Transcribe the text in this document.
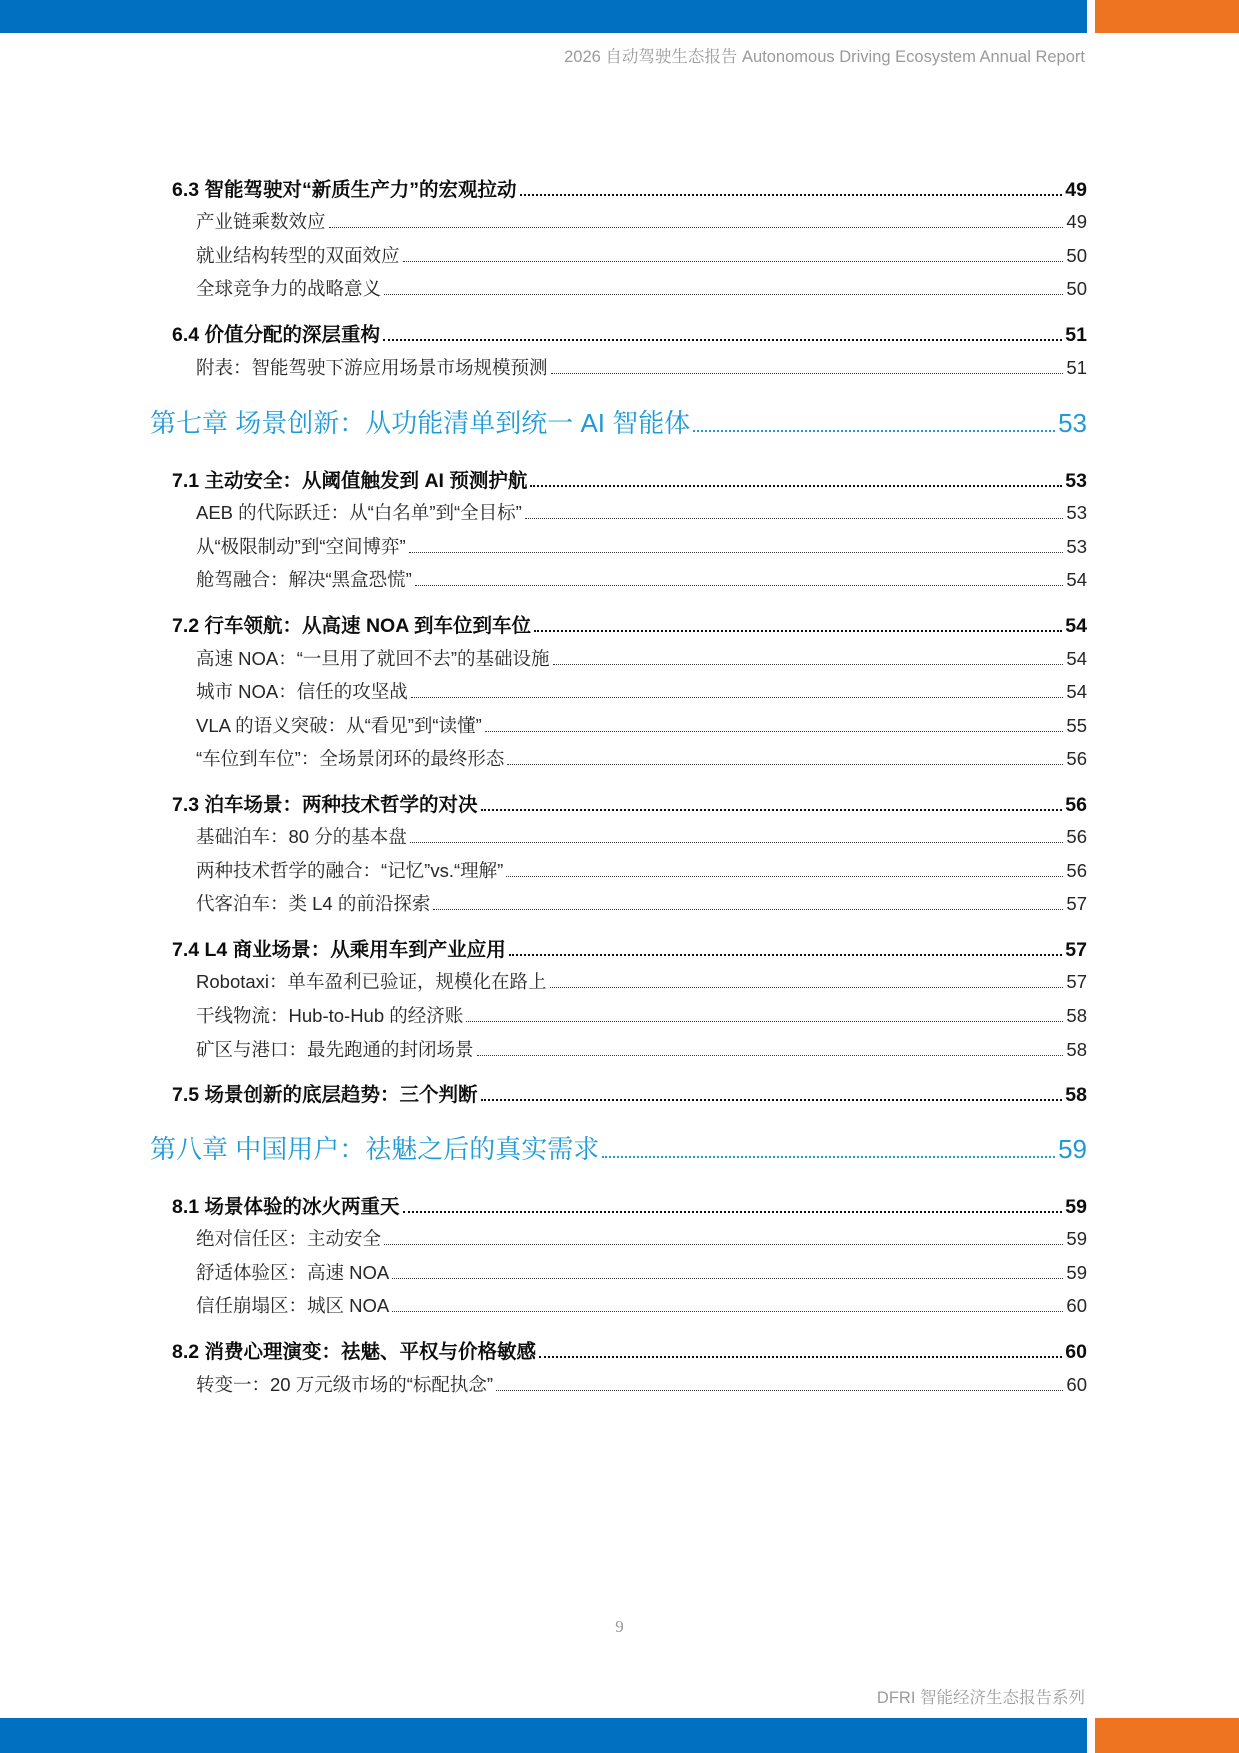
2026 自动驾驶生态报告 Autonomous Driving Ecosystem Annual Report
6.3 智能驾驶对“新质生产力”的宏观拉动	49
产业链乘数效应	49
就业结构转型的双面效应	50
全球竞争力的战略意义	50
6.4 价值分配的深层重构	51
附表：智能驾驶下游应用场景市场规模预测	51
第七章 场景创新：从功能清单到统一 AI 智能体	53
7.1 主动安全：从阈值触发到 AI 预测护航	53
AEB 的代际跃迁：从“白名单”到“全目标”	53
从“极限制动”到“空间博弈”	53
舱驾融合：解决“黑盒恐慌”	54
7.2 行车领航：从高速 NOA 到车位到车位	54
高速 NOA：“一旦用了就回不去”的基础设施	54
城市 NOA：信任的攻坚战	54
VLA 的语义突破：从“看见”到“读懂”	55
“车位到车位”：全场景闭环的最终形态	56
7.3 泊车场景：两种技术哲学的对决	56
基础泊车：80 分的基本盘	56
两种技术哲学的融合：“记忆”vs.“理解”	56
代客泊车：类 L4 的前沿探索	57
7.4 L4 商业场景：从乘用车到产业应用	57
Robotaxi：单车盈利已验证，规模化在路上	57
干线物流：Hub-to-Hub 的经济账	58
矿区与港口：最先跑通的封闭场景	58
7.5 场景创新的底层趋势：三个判断	58
第八章 中国用户：祛魅之后的真实需求	59
8.1 场景体验的冰火两重天	59
绝对信任区：主动安全	59
舒适体验区：高速 NOA	59
信任崩塌区：城区 NOA	60
8.2 消费心理演变：祛魅、平权与价格敏感	60
转变一：20 万元级市场的“标配执念”	60
9
DFRI 智能经济生态报告系列
